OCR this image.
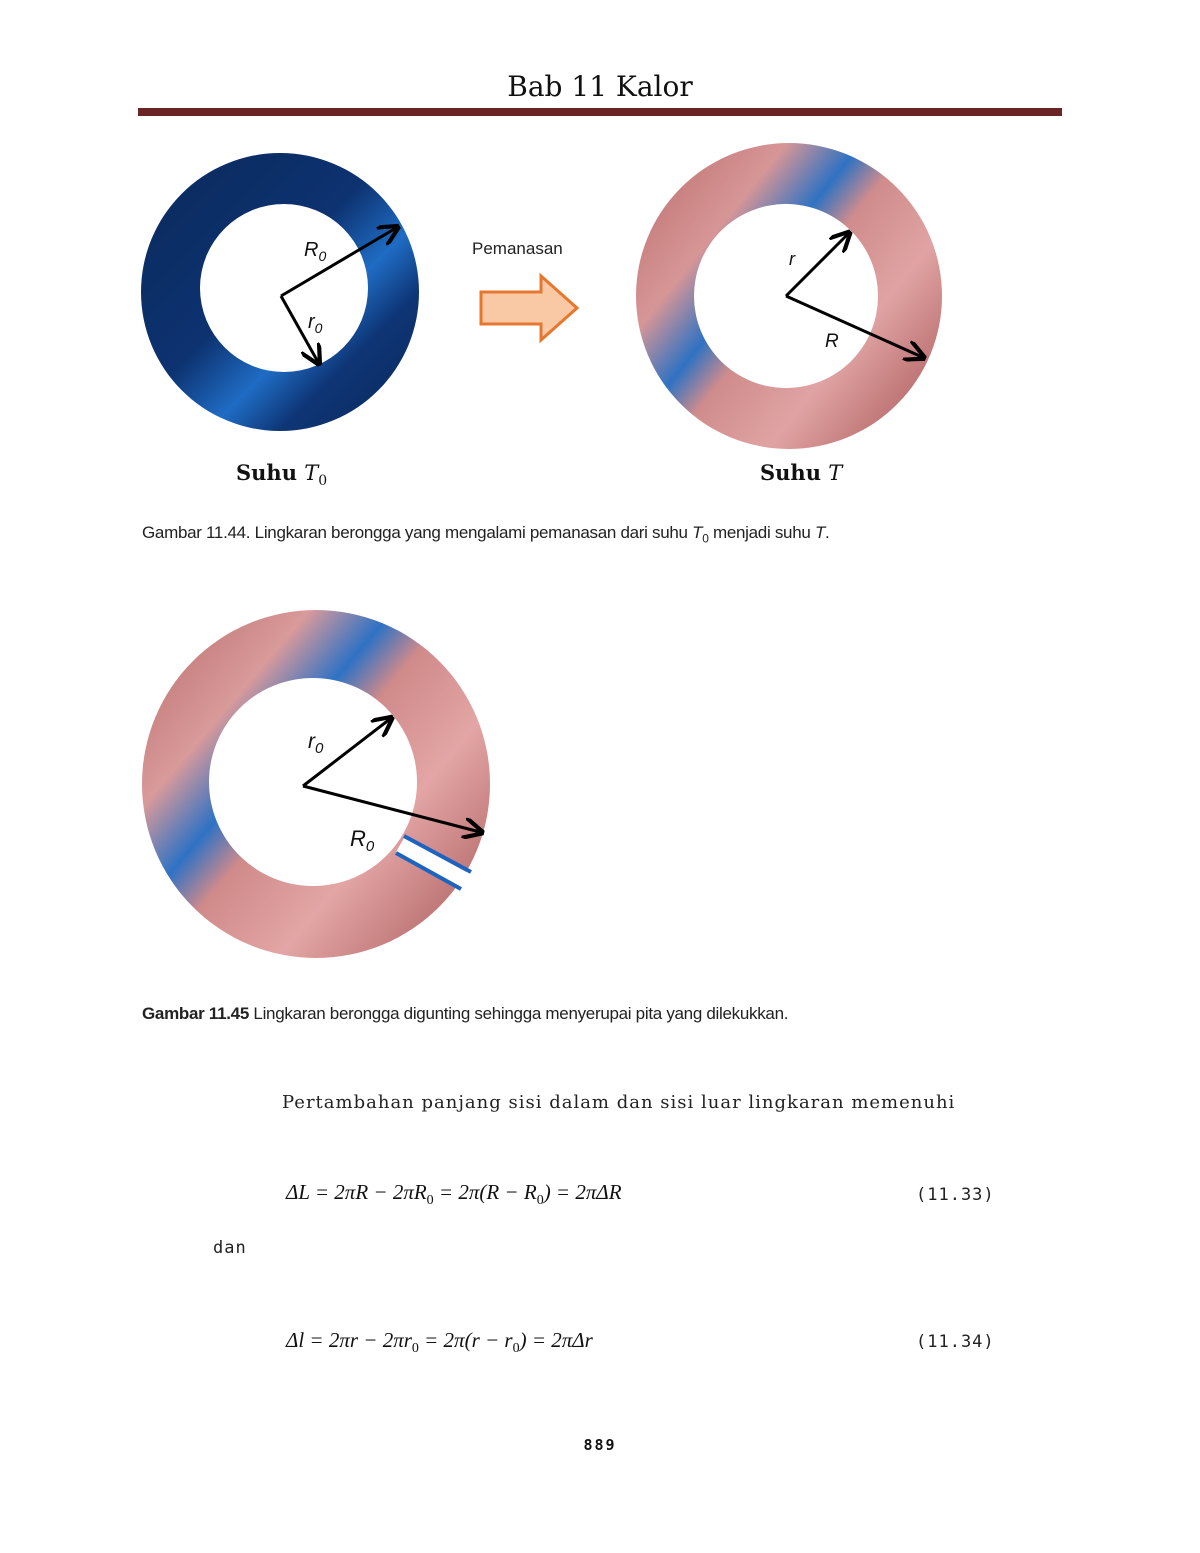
Bab 11 Kalor
$R_0$
$r_0$
Pemanasan
r
R
Suhu $T_0$	Suhu T
Gambar 11.44. Lingkaran berongga yang mengalami pemanasan dari suhu $T_0$ menjadi suhu T.
$r_0$
$R_0$
Gambar 11.45 Lingkaran berongga digunting sehingga menyerupai pita yang dilekukkan.
Pertambahan panjang sisi dalam dan sisi luar lingkaran memenuhi
$\Delta L = 2\pi R - 2\pi R_0 = 2\pi(R - R_0) = 2\pi\Delta R$	(11.33)
dan
$\Delta l = 2\pi r - 2\pi r_0 = 2\pi(r - r_0) = 2\pi\Delta r$	(11.34)
889
